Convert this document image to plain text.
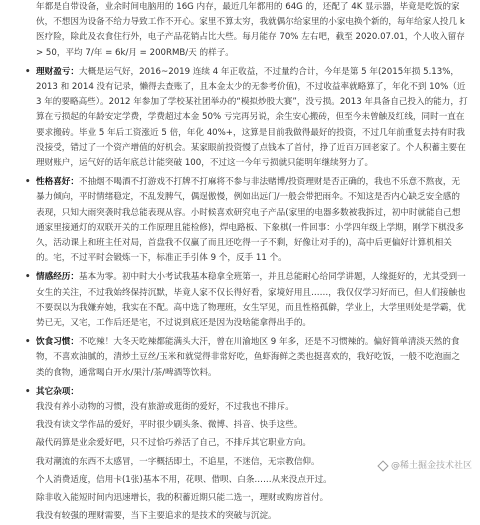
年都是自带设备，业余时间电脑用的 16G 内存，最近几年都用的 64G 的，还配了 4K 显示器，毕竟是吃饭的家伙，不想因为设备不给力导致工作不开心。家里不算太穷，我就偶尔给家里的小家电换个新的，每年给家人投几 k 医疗险，除此及衣食住行外，电子产品花销占比大些。每月能存 70% 左右吧，截至 2020.07.01，个人收入留存 > 50，平均 7/年 = 6k/月 = 200RMB/天 的样子。

• 理财盈亏：大概是运气好，2016~2019 连续 4 年正收益，不过量约合计，今年是第 5 年(2015年损 5.13%，2013 和 2014 没有记录，懒得去查账了，且本金太少的无参考价值)，不过收益率就略算了，年化不到 10%（近 3 年的要略高些）。2012 年参加了学校某社团举办的“模拟炒股大赛”，没亏损。2013 年具备自己投入的能力，打算在亏损起的年龄安定学费，学费超过本金 50% 亏完再另说，余生安心搬砖，但至今未曾触及红线，同时一直在要求搬砖。毕业 5 年后工资涨近 5 倍，年化 40%+，这算是目前我做得最好的投资，不过几年前重复去持有时我没接受，错过了一个资产增值的好机会。某家眼前投资慢了点钱本了首付，挣了近百万回老家了。个人积蓄主要在理财账户，运气好的话年底总计能突破 100，不过这一今年亏损就只能明年继续努力了。

• 性格喜好：不抽烟不喝酒不打游戏不打牌不打麻将不参与非法赌博/投资理财是否正确的，我也不乐意不熬夜，无暴力倾向，平时情绪稳定，不乱发脾气，偶逞傲慢，例如出远门/一般会带把雨伞。不知这是否内心缺乏安全感的表现，只知大雨突袭时我总能表现从容。小时候喜欢研究电子产品(家里的电器多数被我拆过，初中时就能自己想通家里接通灯的双联开关的工作原理且能检修)，焊电路板、下象棋(一件回事：小学四年级上学期，刚学下棋没多久，活动课上和班主任对局，首盘我不仅赢了而且还吃得一子不剩，好像让对手的)，高中后更偏好计算机相关的。宅，不过平时会锻炼一下，标准正手引体 9 个，反手 11 个。

• 情感经历：基本为零。初中时大小考试我基本稳拿全班第一，并且总能耐心给同学讲题，人缘挺好的，尤其受到一女生的关注，不过我始终保持沉默，毕竟人家不仅长得好看，家境好用且……，我仅仅学习好而已，但人们接触也不要误以为我嫌弃她，我实在不配。高中选了物理班，女生罕见，而且性格孤僻，学业上，大学里则处是学霸，优势已无，又宅，工作后还是宅，不过说到底还是因为没啥能拿得出手的。

• 饮食习惯：不吃辣！大冬天吃辣都能满头大汗，曾在川渝地区 9 年多，还是不习惯辣的。偏好简单清淡天然的食物，不喜欢油腻的，清炒土豆丝/玉米和就觉得非常好吃，鱼虾海鲜之类也挺喜欢的，我好吃饭，一般不吃泡面之类的食物，通常喝白开水/果汁/茶/啤酒等饮料。

• 其它杂项：

我没有养小动物的习惯，没有旅游或逛街的爱好，不过我也不排斥。

我没有读文学作品的爱好，平时很少刷头条、微博、抖音、快手这些。

敲代码算是业余爱好吧，只不过恰巧养活了自己，不排斥其它职业方向。

我对潮流的东西不太感冒，一字概括即土，不追星，不迷信，无宗教信仰。

个人消费适度，信用卡(1张)基本不用，花呗、借呗、白条……从来没点开过。

除非收入能短时间内迅速增长，我的积蓄近期只能二选一，理财或购房首付。

我没有较强的理财需要，当下主要追求的是技术的突破与沉淀。

@稀土掘金技术社区
